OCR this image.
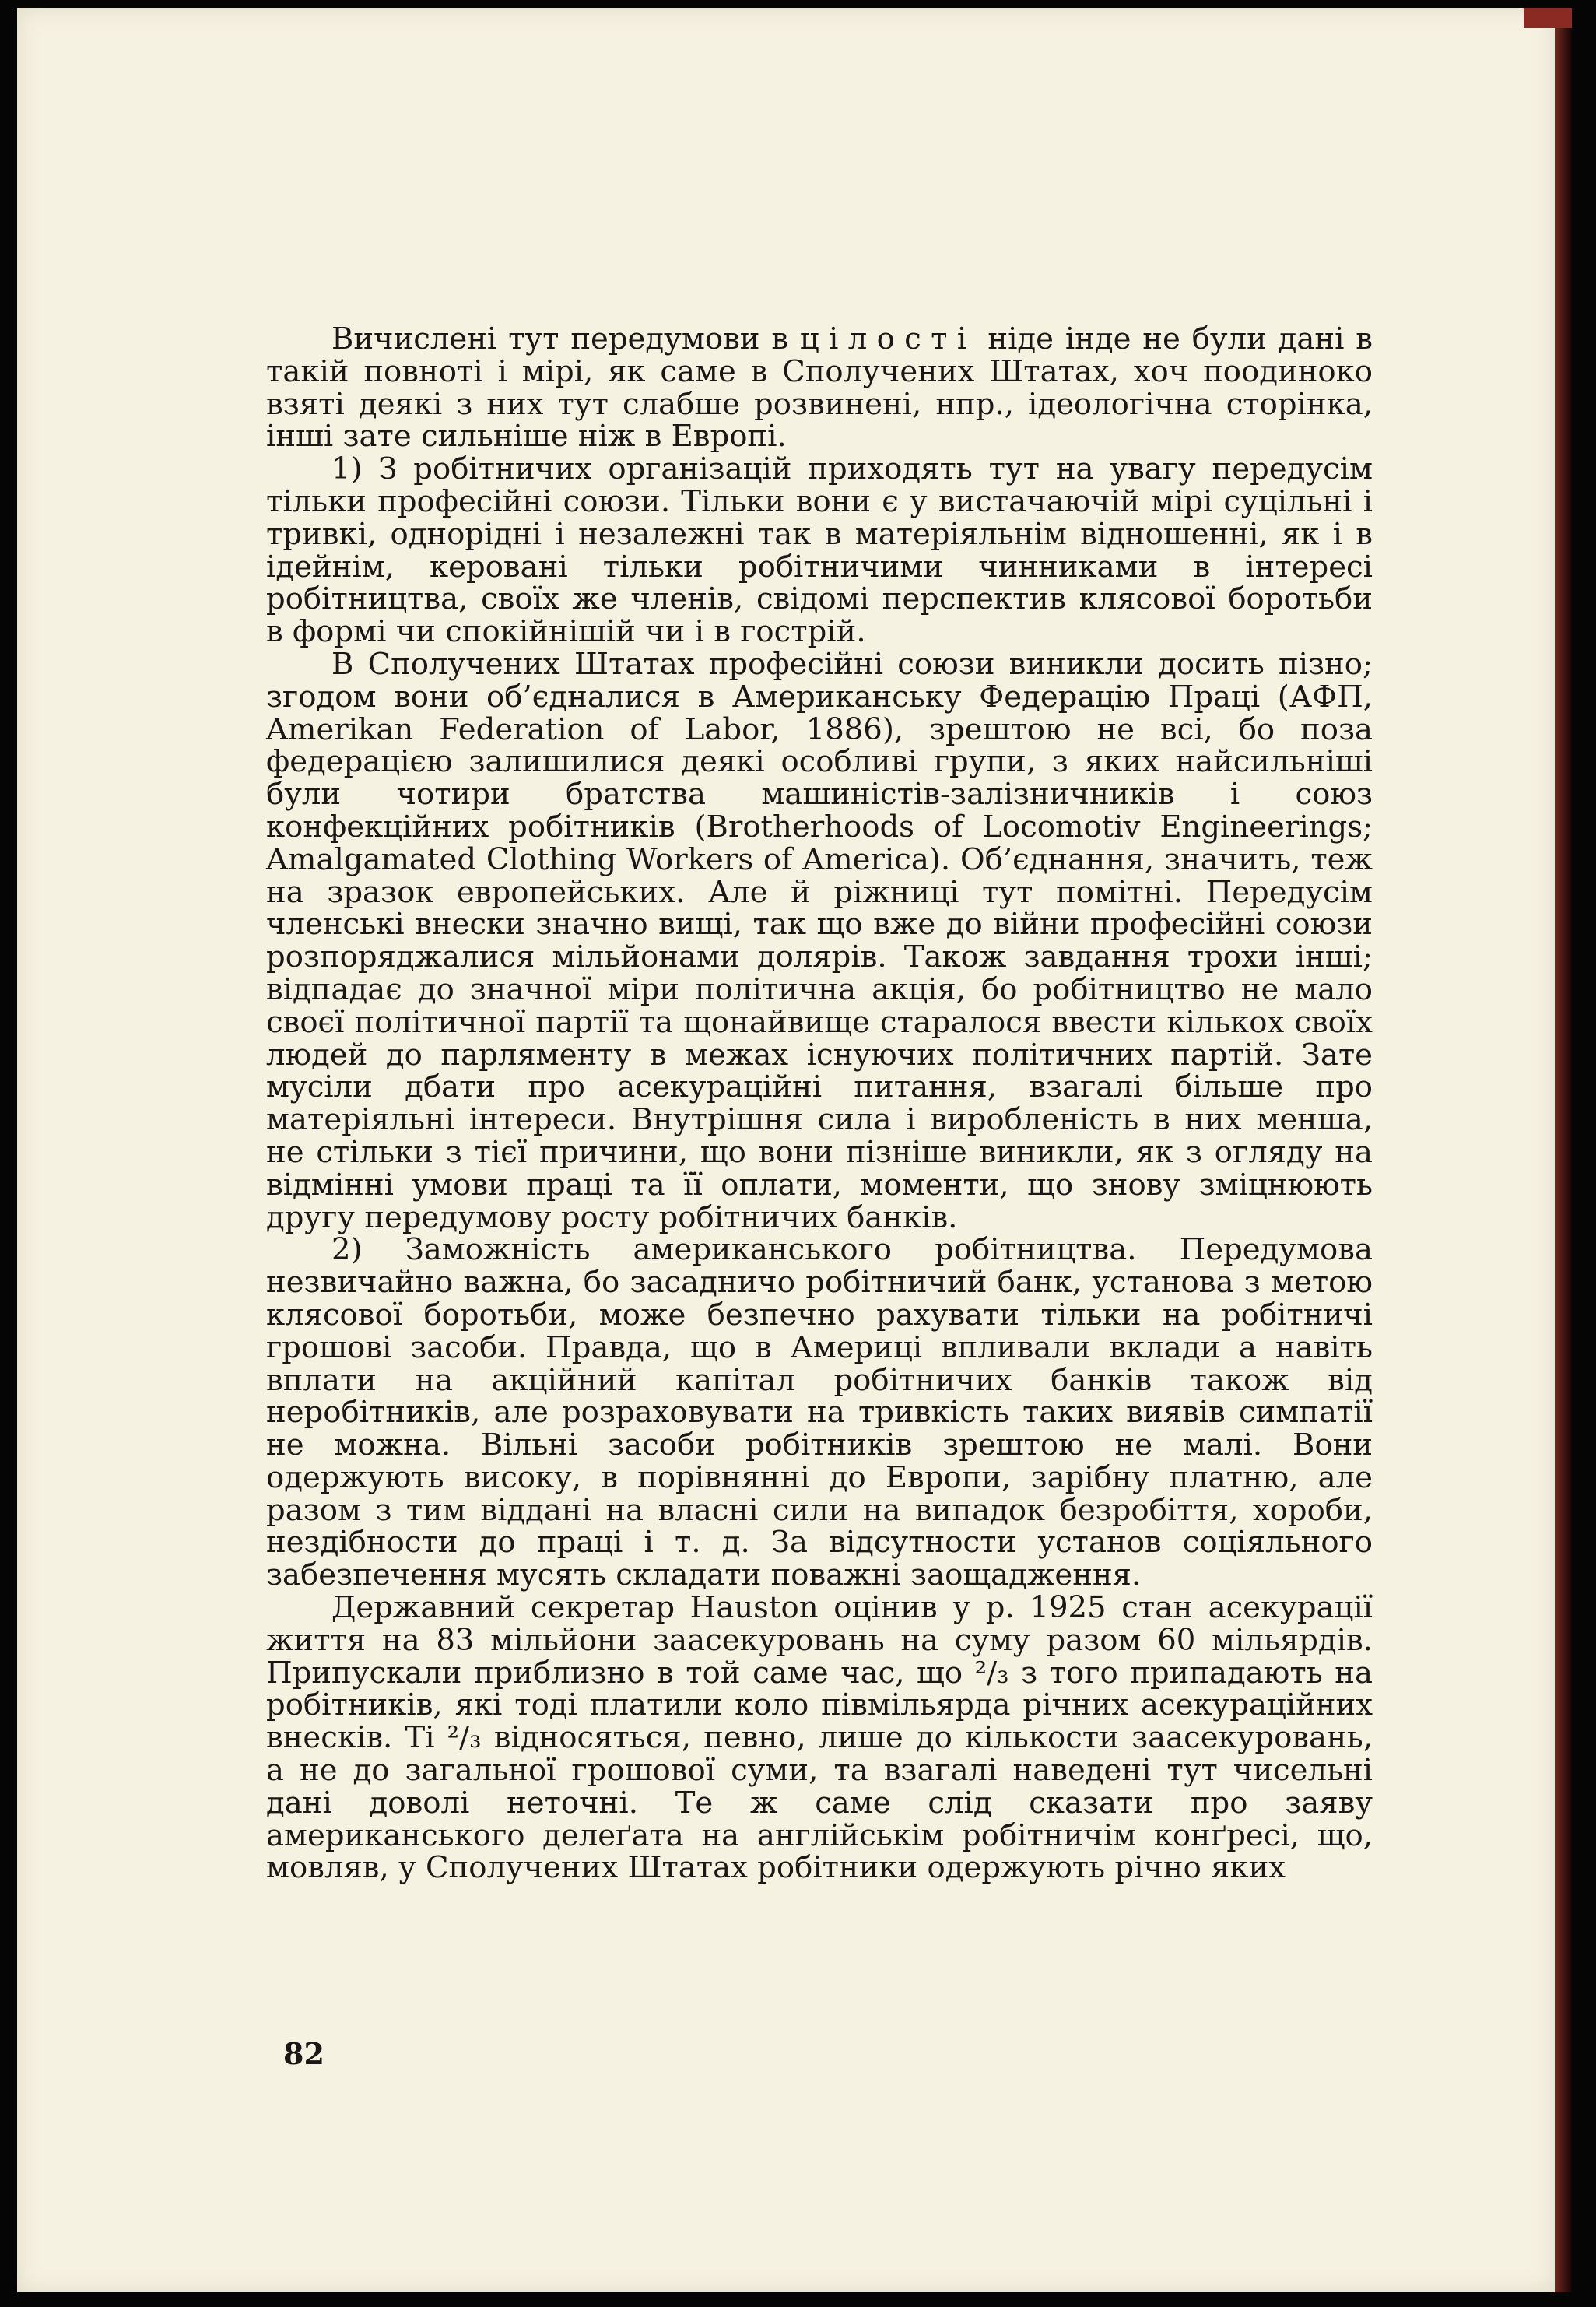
Вичислені тут передумови в цілості ніде інде не були дані в такій повноті і мірі, як саме в Сполучених Штатах, хоч поодиноко взяті деякі з них тут слабше розвинені, нпр., ідеологічна сторінка, інші зате сильніше ніж в Европі.

1) З робітничих організацій приходять тут на увагу передусім тільки професійні союзи. Тільки вони є у вистачаючій мірі суцільні і тривкі, однорідні і незалежні так в матеріяльнім відношенні, як і в ідейнім, керовані тільки робітничими чинниками в інтересі робітництва, своїх же членів, свідомі перспектив клясової боротьби в формі чи спокійнішій чи і в гострій.

В Сполучених Штатах професійні союзи виникли досить пізно; згодом вони об’єдналися в Американську Федерацію Праці (АФП, Amerikan Federation of Labor, 1886), зрештою не всі, бо поза федерацією залишилися деякі особливі групи, з яких найсильніші були чотири братства машиністів-залізничників і союз конфекційних робітників (Brotherhoods of Locomotiv Engineerings; Amalgamated Clothing Workers of America). Об’єднання, значить, теж на зразок европейських. Але й ріжниці тут помітні. Передусім членські внески значно вищі, так що вже до війни професійні союзи розпоряджалися мільйонами долярів. Також завдання трохи інші; відпадає до значної міри політична акція, бо робітництво не мало своєї політичної партії та щонайвище старалося ввести кількох своїх людей до парляменту в межах існуючих політичних партій. Зате мусіли дбати про асекураційні питання, взагалі більше про матеріяльні інтереси. Внутрішня сила і виробленість в них менша, не стільки з тієї причини, що вони пізніше виникли, як з огляду на відмінні умови праці та її оплати, моменти, що знову зміцнюють другу передумову росту робітничих банків.

2) Заможність американського робітництва. Передумова незвичайно важна, бо засадничо робітничий банк, установа з метою клясової боротьби, може безпечно рахувати тільки на робітничі грошові засоби. Правда, що в Америці впливали вклади а навіть вплати на акційний капітал робітничих банків також від неробітників, але розраховувати на тривкість таких виявів симпатії не можна. Вільні засоби робітників зрештою не малі. Вони одержують високу, в порівнянні до Европи, зарібну платню, але разом з тим віддані на власні сили на випадок безробіття, хороби, нездібности до праці і т. д. За відсутности установ соціяльного забезпечення мусять складати поважні заощадження.

Державний секретар Hauston оцінив у р. 1925 стан асекурації життя на 83 мільйони заасекуровань на суму разом 60 мільярдів. Припускали приблизно в той саме час, що ²/₃ з того припадають на робітників, які тоді платили коло півмільярда річних асекураційних внесків. Ті ²/₃ відносяться, певно, лише до кількости заасекуровань, а не до загальної грошової суми, та взагалі наведені тут чисельні дані доволі неточні. Те ж саме слід сказати про заяву американського делеґата на англійськім робітничім конґресі, що, мовляв, у Сполучених Штатах робітники одержують річно яких

82
